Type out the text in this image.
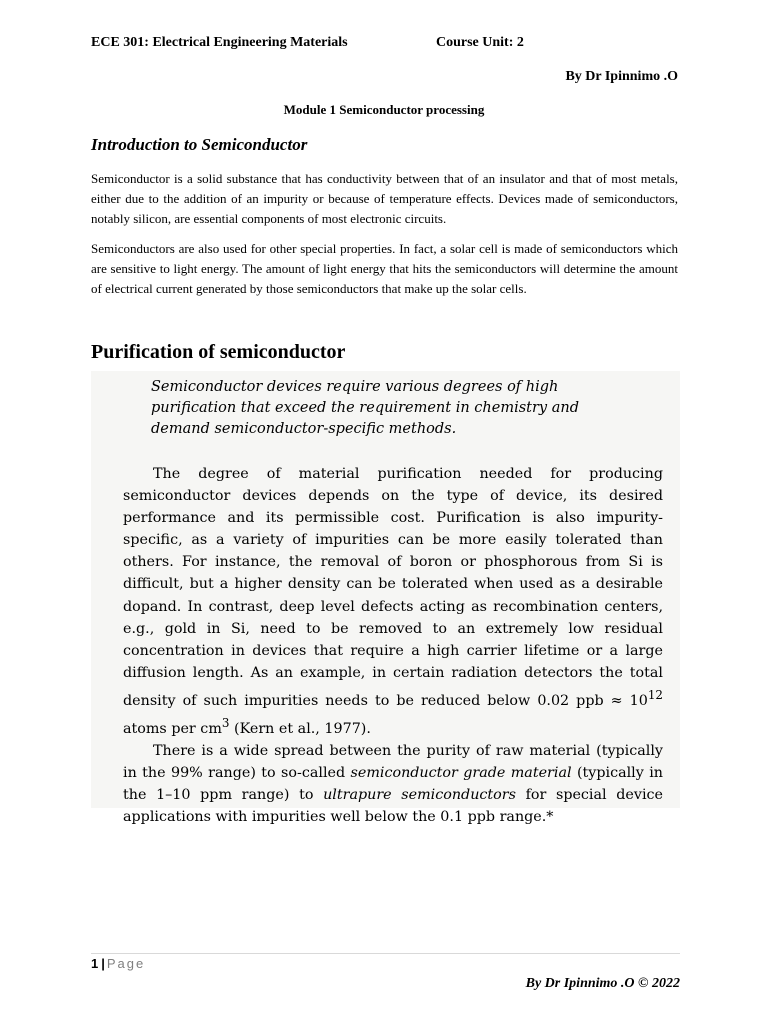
ECE 301: Electrical Engineering Materials	Course Unit: 2
By Dr Ipinnimo .O
Module 1 Semiconductor processing
Introduction to Semiconductor
Semiconductor is a solid substance that has conductivity between that of an insulator and that of most metals, either due to the addition of an impurity or because of temperature effects. Devices made of semiconductors, notably silicon, are essential components of most electronic circuits.
Semiconductors are also used for other special properties. In fact, a solar cell is made of semiconductors which are sensitive to light energy. The amount of light energy that hits the semiconductors will determine the amount of electrical current generated by those semiconductors that make up the solar cells.
Purification of semiconductor
Semiconductor devices require various degrees of high purification that exceed the requirement in chemistry and demand semiconductor-specific methods.

The degree of material purification needed for producing semiconductor devices depends on the type of device, its desired performance and its permissible cost. Purification is also impurity-specific, as a variety of impurities can be more easily tolerated than others. For instance, the removal of boron or phosphorous from Si is difficult, but a higher density can be tolerated when used as a desirable dopand. In contrast, deep level defects acting as recombination centers, e.g., gold in Si, need to be removed to an extremely low residual concentration in devices that require a high carrier lifetime or a large diffusion length. As an example, in certain radiation detectors the total density of such impurities needs to be reduced below 0.02 ppb ≈ $10^{12}$ atoms per $cm^3$ (Kern et al., 1977).

There is a wide spread between the purity of raw material (typically in the 99% range) to so-called semiconductor grade material (typically in the 1–10 ppm range) to ultrapure semiconductors for special device applications with impurities well below the 0.1 ppb range.*

1 | Page
By Dr Ipinnimo .O © 2022
